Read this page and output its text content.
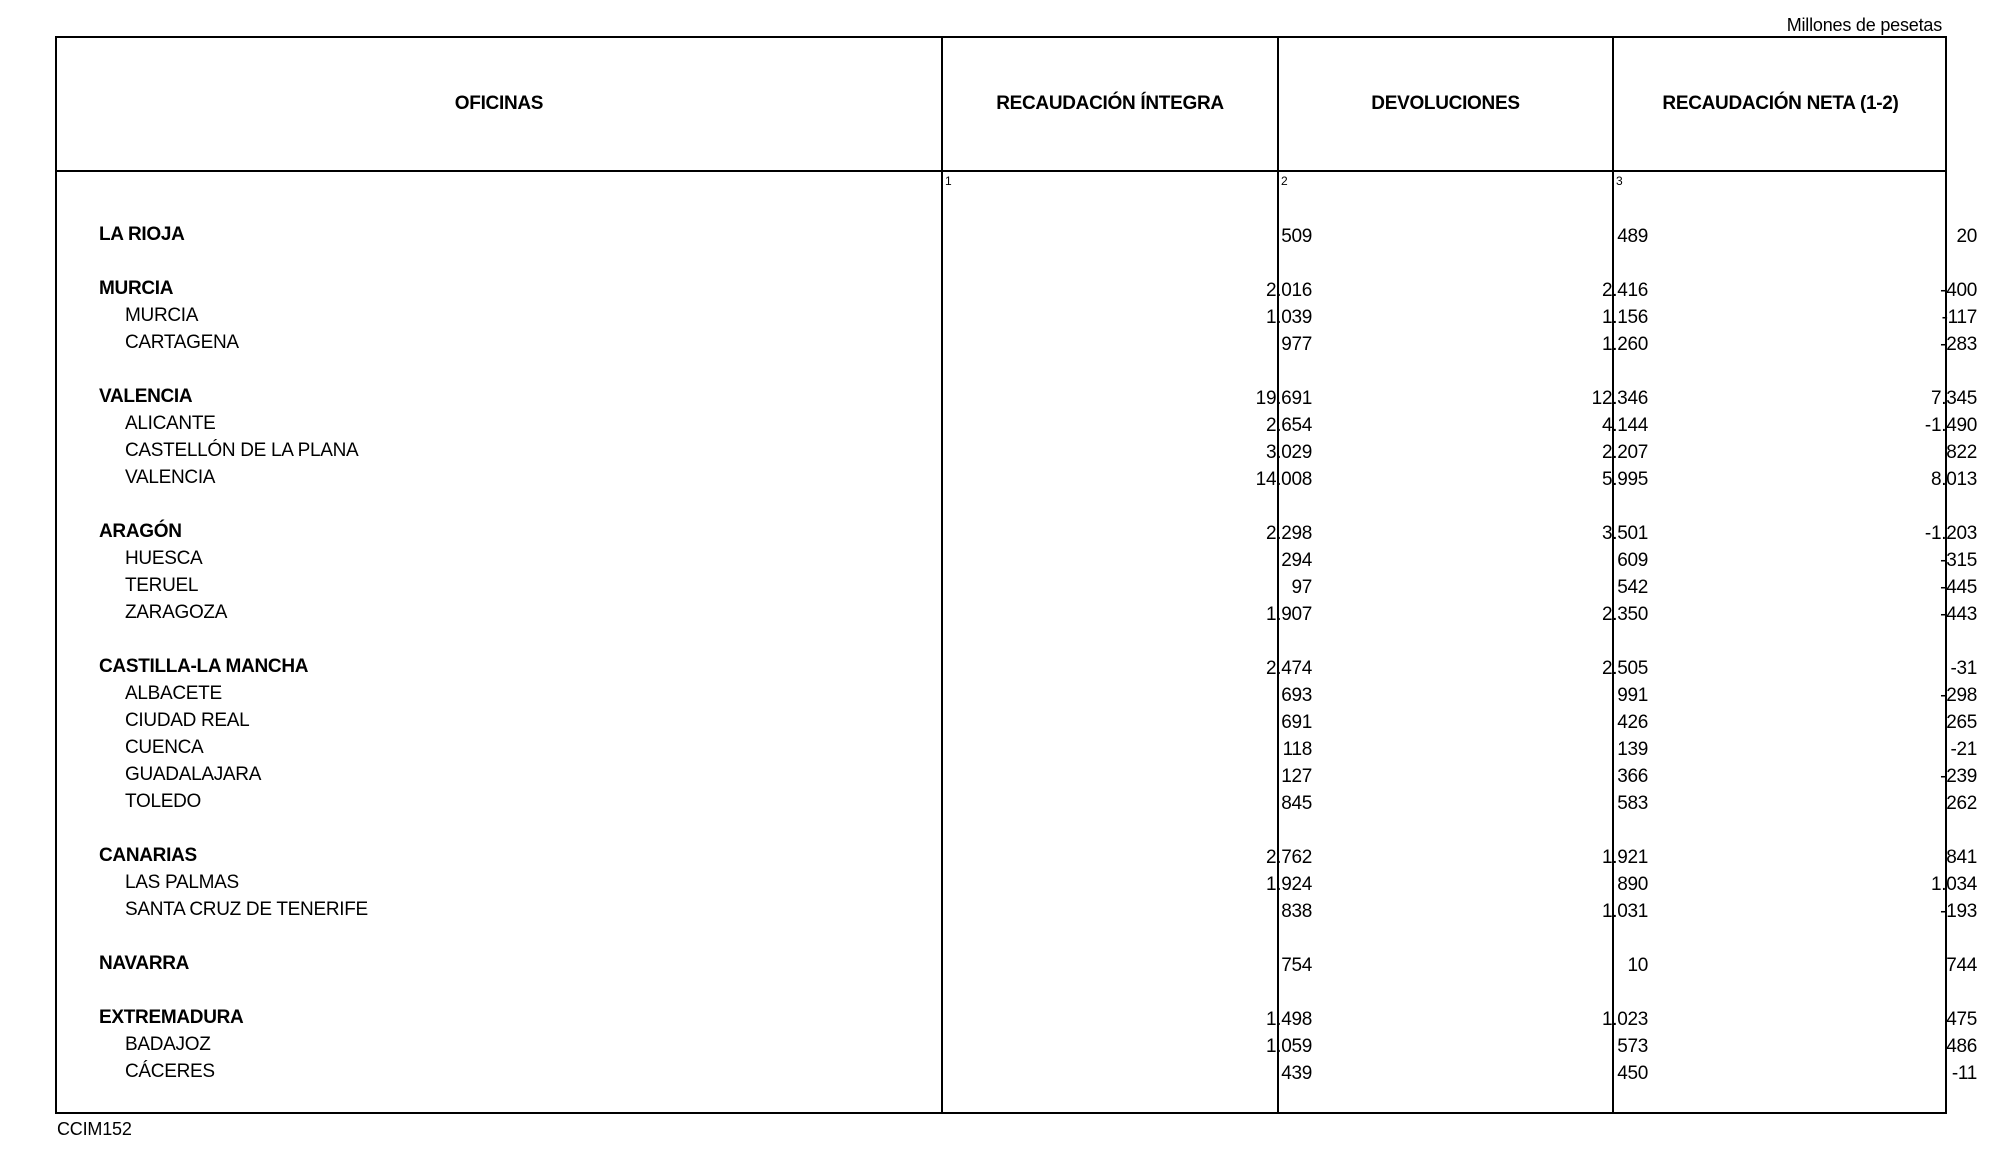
Millones de pesetas
OFICINAS	RECAUDACIÓN ÍNTEGRA	DEVOLUCIONES	RECAUDACIÓN NETA (1-2)
1	2	3
LA RIOJA	509	489	20
MURCIA	2.016	2.416	-400
MURCIA	1.039	1.156	-117
CARTAGENA	977	1.260	-283
VALENCIA	19.691	12.346	7.345
ALICANTE	2.654	4.144	-1.490
CASTELLÓN DE LA PLANA	3.029	2.207	822
VALENCIA	14.008	5.995	8.013
ARAGÓN	2.298	3.501	-1.203
HUESCA	294	609	-315
TERUEL	97	542	-445
ZARAGOZA	1.907	2.350	-443
CASTILLA-LA MANCHA	2.474	2.505	-31
ALBACETE	693	991	-298
CIUDAD REAL	691	426	265
CUENCA	118	139	-21
GUADALAJARA	127	366	-239
TOLEDO	845	583	262
CANARIAS	2.762	1.921	841
LAS PALMAS	1.924	890	1.034
SANTA CRUZ DE TENERIFE	838	1.031	-193
NAVARRA	754	10	744
EXTREMADURA	1.498	1.023	475
BADAJOZ	1.059	573	486
CÁCERES	439	450	-11
CCIM152
